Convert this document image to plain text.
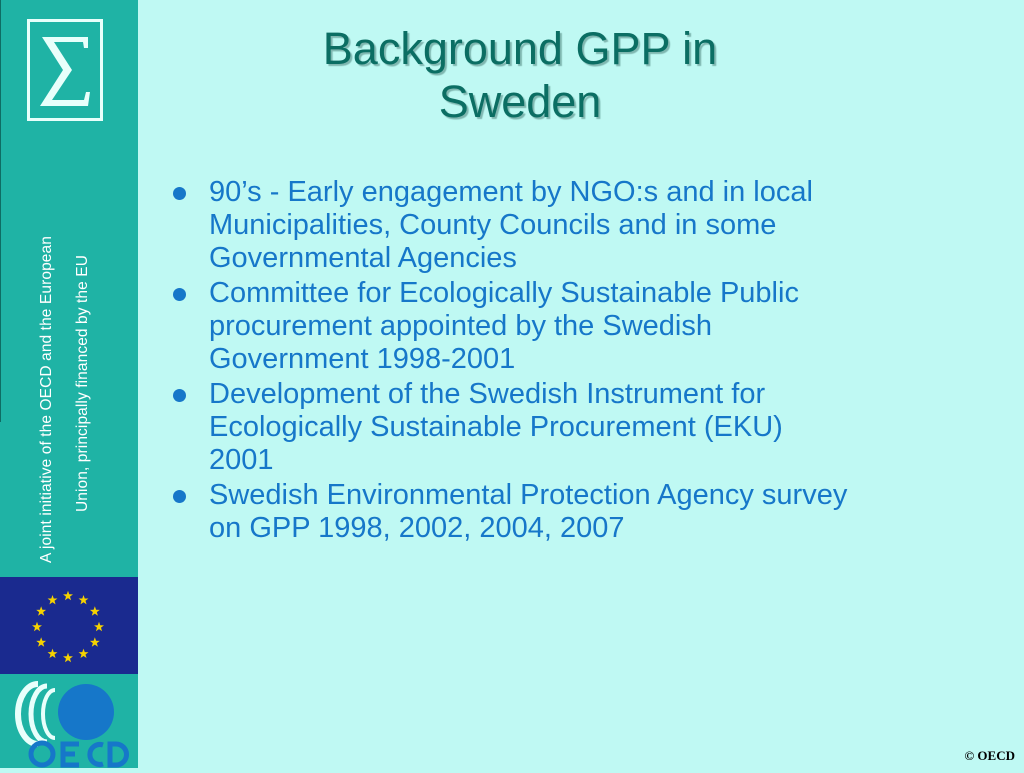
A joint initiative of the OECD and the European Union, principally financed by the EU
Background GPP in
Sweden
90’s - Early engagement by NGO:s and in local Municipalities, County Councils and in some Governmental Agencies
Committee for Ecologically Sustainable Public procurement appointed by the Swedish Government 1998-2001
Development of the Swedish Instrument for Ecologically Sustainable Procurement (EKU) 2001
Swedish Environmental Protection Agency survey on GPP 1998, 2002, 2004, 2007
© OECD
